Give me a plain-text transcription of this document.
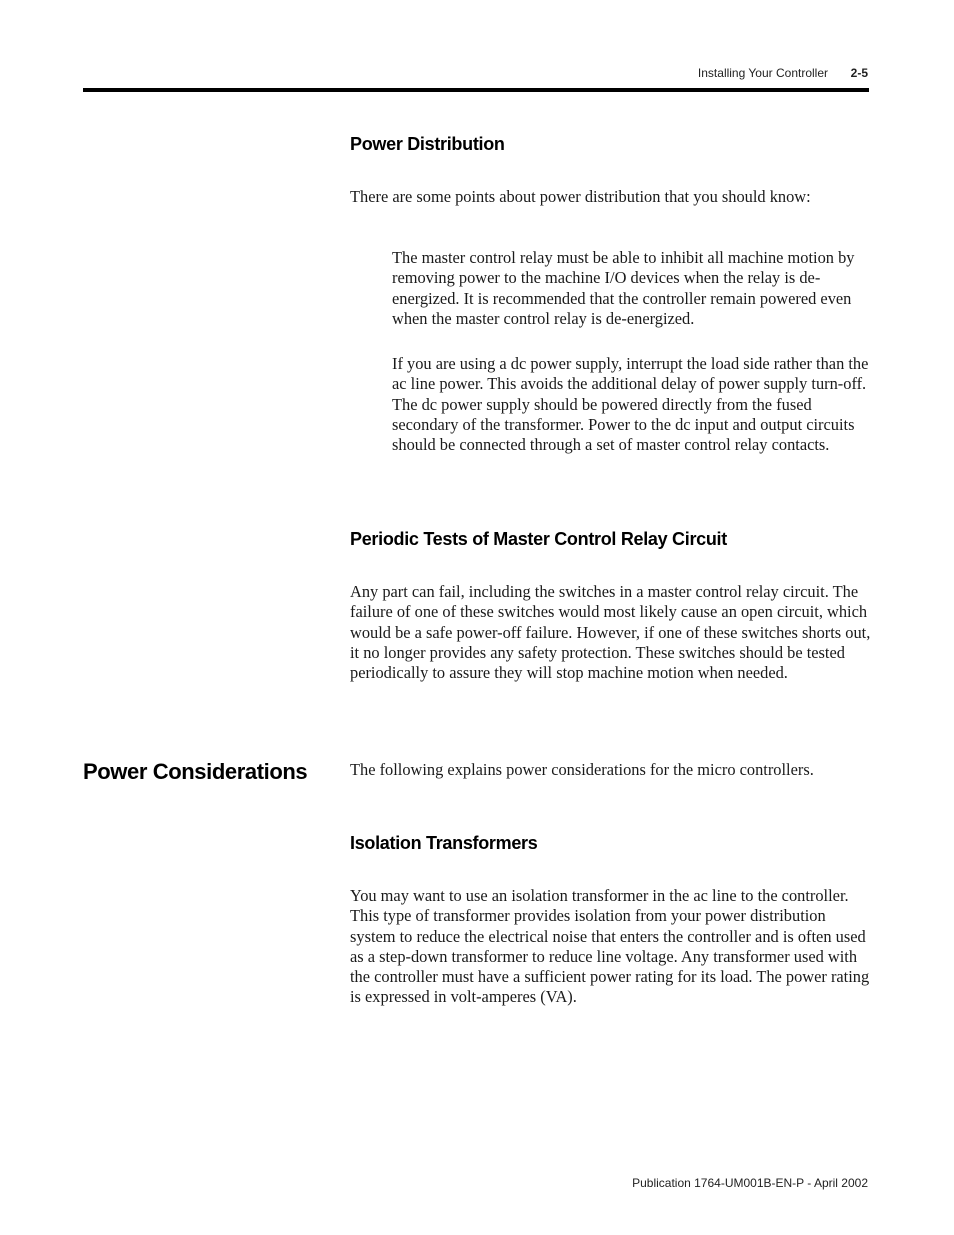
Installing Your Controller 2-5
Power Distribution

There are some points about power distribution that you should know:

The master control relay must be able to inhibit all machine motion by removing power to the machine I/O devices when the relay is de-energized. It is recommended that the controller remain powered even when the master control relay is de-energized.

If you are using a dc power supply, interrupt the load side rather than the ac line power. This avoids the additional delay of power supply turn-off. The dc power supply should be powered directly from the fused secondary of the transformer. Power to the dc input and output circuits should be connected through a set of master control relay contacts.

Periodic Tests of Master Control Relay Circuit

Any part can fail, including the switches in a master control relay circuit. The failure of one of these switches would most likely cause an open circuit, which would be a safe power-off failure. However, if one of these switches shorts out, it no longer provides any safety protection. These switches should be tested periodically to assure they will stop machine motion when needed.

Power Considerations	The following explains power considerations for the micro controllers.

Isolation Transformers

You may want to use an isolation transformer in the ac line to the controller. This type of transformer provides isolation from your power distribution system to reduce the electrical noise that enters the controller and is often used as a step-down transformer to reduce line voltage. Any transformer used with the controller must have a sufficient power rating for its load. The power rating is expressed in volt-amperes (VA).

Publication 1764-UM001B-EN-P - April 2002
